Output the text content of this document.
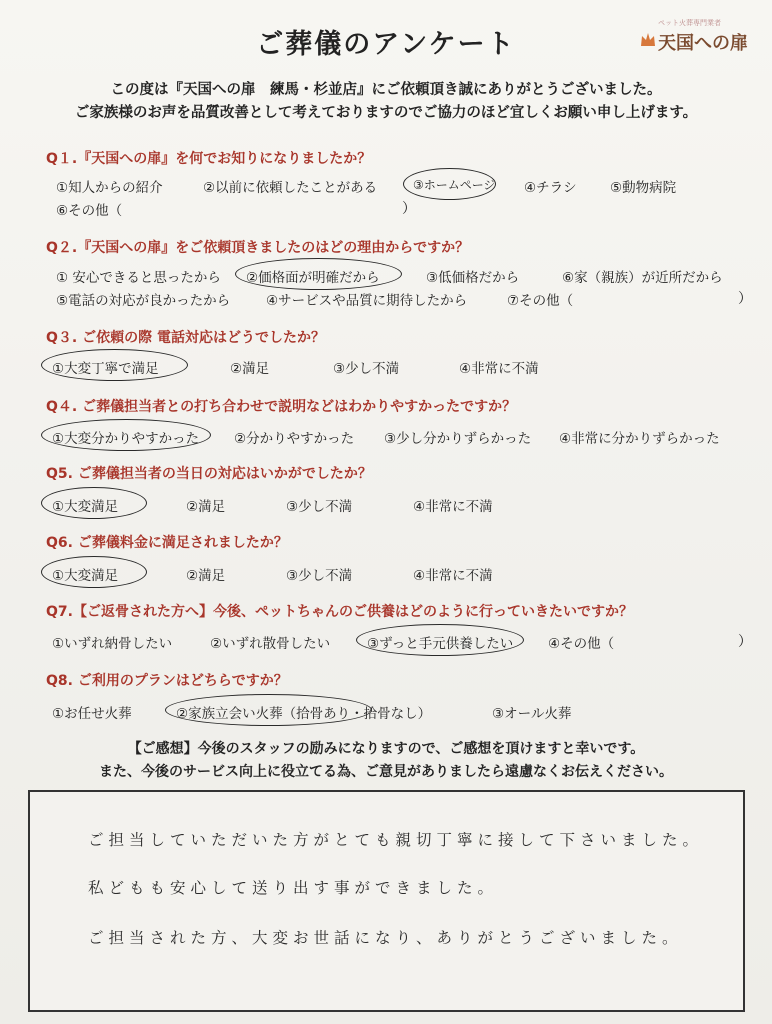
ご葬儀のアンケート
ペット火葬専門業者
天国への扉
この度は『天国への扉　練馬・杉並店』にご依頼頂き誠にありがとうございました。
ご家族様のお声を品質改善として考えておりますのでご協力のほど宜しくお願い申し上げます。
Q１.『天国への扉』を何でお知りになりましたか？
①知人からの紹介	②以前に依頼したことがある	③ホームページ ④チラシ ⑤動物病院
⑥その他（	）
Q２.『天国への扉』をご依頼頂きましたのはどの理由からですか？
① 安心できると思ったから ②価格面が明確だから	③低価格だから	⑥家（親族）が近所だから
⑤電話の対応が良かったから	④サービスや品質に期待したから	⑦その他（	）
Q３. ご依頼の際 電話対応はどうでしたか？
①大変丁寧で満足	②満足	③少し不満	④非常に不満
Q４. ご葬儀担当者との打ち合わせで説明などはわかりやすかったですか？
①大変分かりやすかった	②分かりやすかった ③少し分かりずらかった ④非常に分かりずらかった
Q5. ご葬儀担当者の当日の対応はいかがでしたか？
①大変満足	②満足	③少し不満	④非常に不満
Q6. ご葬儀料金に満足されましたか？
①大変満足	②満足	③少し不満	④非常に不満
Q7.【ご返骨された方へ】今後、ペットちゃんのご供養はどのように行っていきたいですか？
①いずれ納骨したい	②いずれ散骨したい	③ずっと手元供養したい	④その他（	）
Q8. ご利用のプランはどちらですか？
①お任せ火葬	②家族立会い火葬（拾骨あり・拾骨なし）	③オール火葬
【ご感想】今後のスタッフの励みになりますので、ご感想を頂けますと幸いです。
また、今後のサービス向上に役立てる為、ご意見がありましたら遠慮なくお伝えください。
ご担当していただいた方がとても親切丁寧に接して下さいました。
私どもも安心して送り出す事ができました。
ご担当された方、大変お世話になり、ありがとうございました。
